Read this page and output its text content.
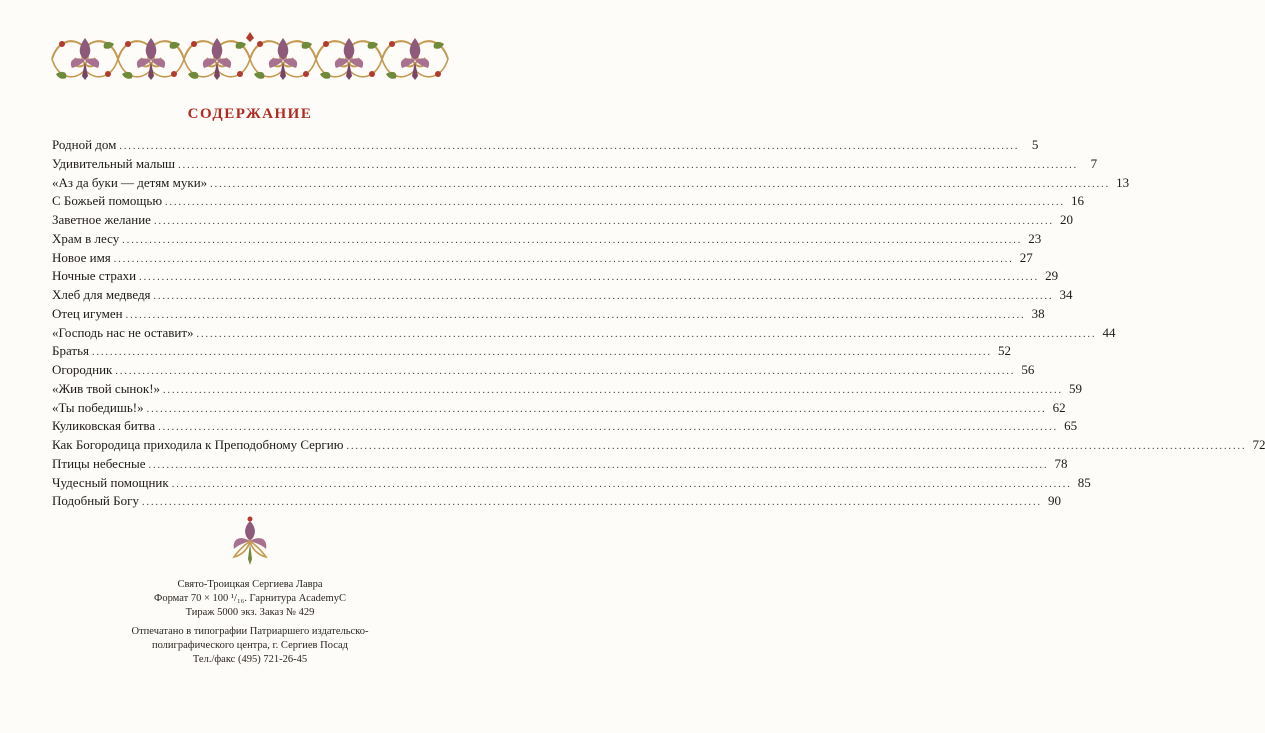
СОДЕРЖАНИЕ
Родной дом ........................................................................................................................................................................................................ 5
Удивительный малыш ........................................................................................................................................................................................................ 7
«Аз да буки — детям муки» ........................................................................................................................................................................................................ 13
С Божьей помощью ........................................................................................................................................................................................................ 16
Заветное желание ........................................................................................................................................................................................................ 20
Храм в лесу ........................................................................................................................................................................................................ 23
Новое имя ........................................................................................................................................................................................................ 27
Ночные страхи ........................................................................................................................................................................................................ 29
Хлеб для медведя ........................................................................................................................................................................................................ 34
Отец игумен ........................................................................................................................................................................................................ 38
«Господь нас не оставит» ........................................................................................................................................................................................................ 44
Братья ........................................................................................................................................................................................................ 52
Огородник ........................................................................................................................................................................................................ 56
«Жив твой сынок!» ........................................................................................................................................................................................................ 59
«Ты победишь!» ........................................................................................................................................................................................................ 62
Куликовская битва ........................................................................................................................................................................................................ 65
Как Богородица приходила к Преподобному Сергию ........................................................................................................................................................................................................ 72
Птицы небесные ........................................................................................................................................................................................................ 78
Чудесный помощник ........................................................................................................................................................................................................ 85
Подобный Богу ........................................................................................................................................................................................................ 90
Свято-Троицкая Сергиева Лавра
Формат 70 × 100 ¹/₁₆. Гарнитура AcademyC
Тираж 5000 экз. Заказ № 429
Отпечатано в типографии Патриаршего издательско-
полиграфического центра, г. Сергиев Посад
Тел./факс (495) 721-26-45
